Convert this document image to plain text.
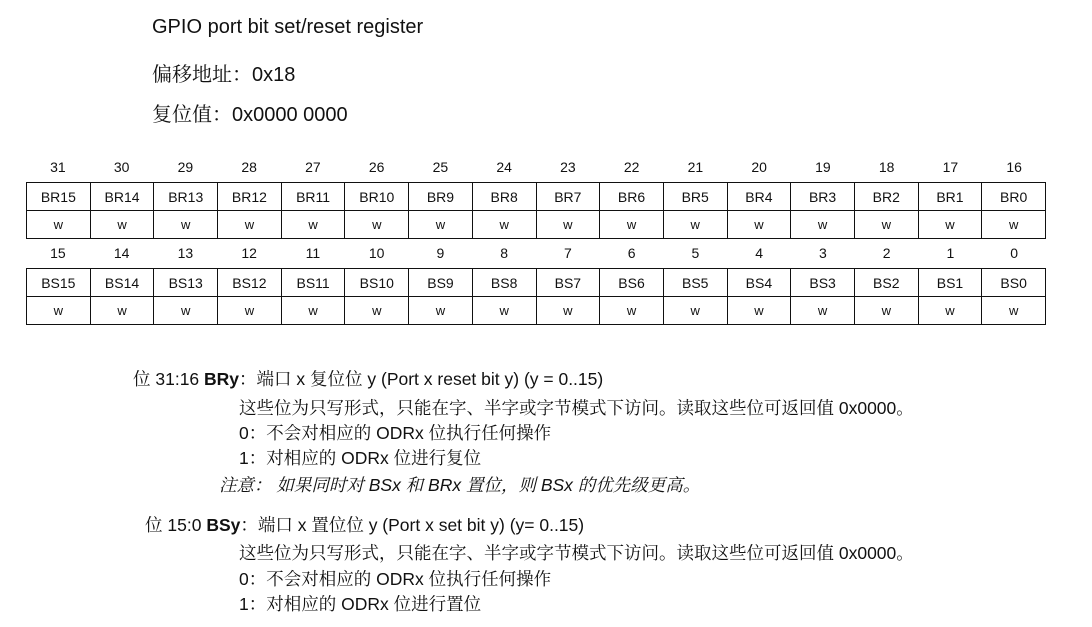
GPIO port bit set/reset register
偏移地址：0x18
复位值：0x0000 0000
31	30	29	28	27	26	25	24	23	22	21	20	19	18	17	16
BR15	BR14	BR13	BR12	BR11	BR10	BR9	BR8	BR7	BR6	BR5	BR4	BR3	BR2	BR1	BR0
w	w	w	w	w	w	w	w	w	w	w	w	w	w	w	w
15	14	13	12	11	10	9	8	7	6	5	4	3	2	1	0
BS15	BS14	BS13	BS12	BS11	BS10	BS9	BS8	BS7	BS6	BS5	BS4	BS3	BS2	BS1	BS0
w	w	w	w	w	w	w	w	w	w	w	w	w	w	w	w
位 31:16 BRy：端口 x 复位位 y (Port x reset bit y) (y = 0..15)
这些位为只写形式，只能在字、半字或字节模式下访问。读取这些位可返回值 0x0000。
0：不会对相应的 ODRx 位执行任何操作
1：对相应的 ODRx 位进行复位
注意： 如果同时对 BSx 和 BRx 置位，则 BSx 的优先级更高。
位 15:0 BSy：端口 x 置位位 y (Port x set bit y) (y= 0..15)
这些位为只写形式，只能在字、半字或字节模式下访问。读取这些位可返回值 0x0000。
0：不会对相应的 ODRx 位执行任何操作
1：对相应的 ODRx 位进行置位
